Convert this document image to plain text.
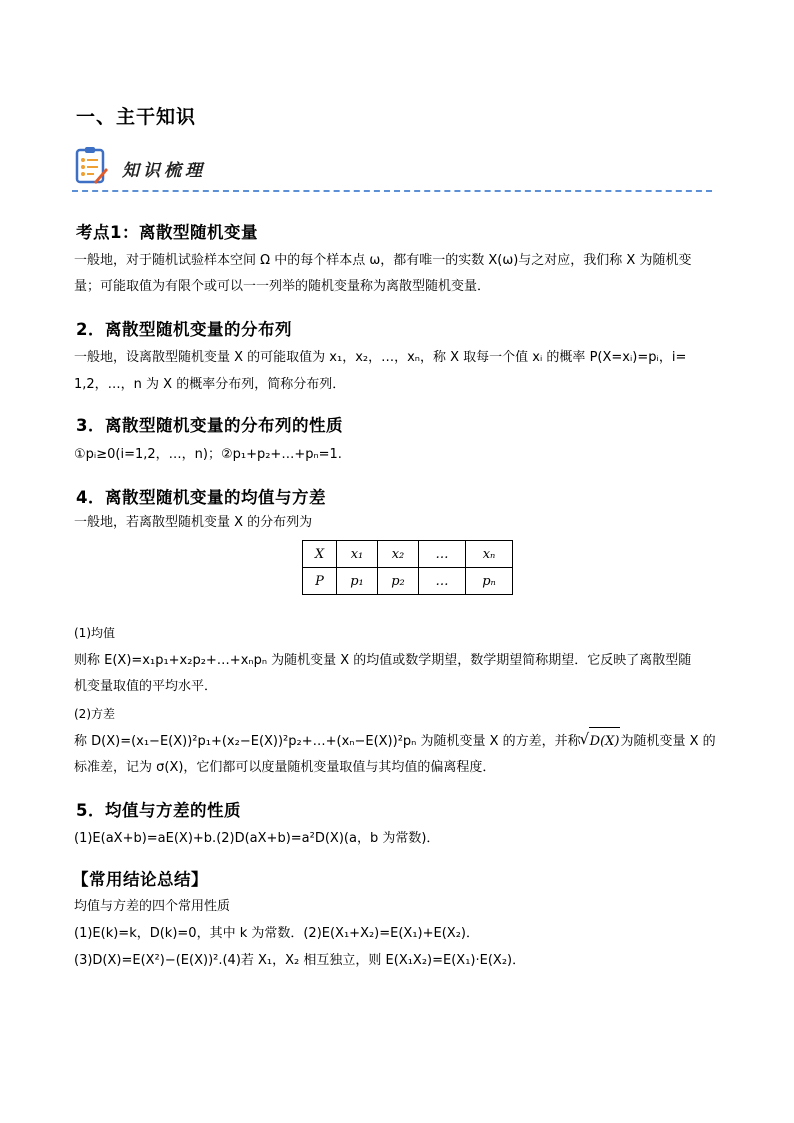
一、主干知识
知识梳理
考点1：离散型随机变量
一般地，对于随机试验样本空间 Ω 中的每个样本点 ω，都有唯一的实数 X(ω)与之对应，我们称 X 为随机变
量；可能取值为有限个或可以一一列举的随机变量称为离散型随机变量．
2．离散型随机变量的分布列
一般地，设离散型随机变量 X 的可能取值为 x₁，x₂，…，xₙ，称 X 取每一个值 xᵢ 的概率 P(X=xᵢ)=pᵢ，i=
1,2，…，n 为 X 的概率分布列，简称分布列．
3．离散型随机变量的分布列的性质
①pᵢ≥0(i=1,2，…，n)；②p₁+p₂+…+pₙ=1.
4．离散型随机变量的均值与方差
一般地，若离散型随机变量 X 的分布列为
X	x₁	x₂	…	xₙ
P	p₁	p₂	…	pₙ
(1)均值
则称 E(X)=x₁p₁+x₂p₂+…+xₙpₙ 为随机变量 X 的均值或数学期望，数学期望简称期望．它反映了离散型随
机变量取值的平均水平．
(2)方差
称 D(X)=(x₁−E(X))²p₁+(x₂−E(X))²p₂+…+(xₙ−E(X))²pₙ 为随机变量 X 的方差，并称 √ D(X)为随机变量 X 的
标准差，记为 σ(X)，它们都可以度量随机变量取值与其均值的偏离程度．
5．均值与方差的性质
(1)E(aX+b)=aE(X)+b.(2)D(aX+b)=a²D(X)(a，b 为常数)．
【常用结论总结】
均值与方差的四个常用性质
(1)E(k)=k，D(k)=0，其中 k 为常数．(2)E(X₁+X₂)=E(X₁)+E(X₂)．
(3)D(X)=E(X²)−(E(X))².(4)若 X₁，X₂ 相互独立，则 E(X₁X₂)=E(X₁)·E(X₂)．
